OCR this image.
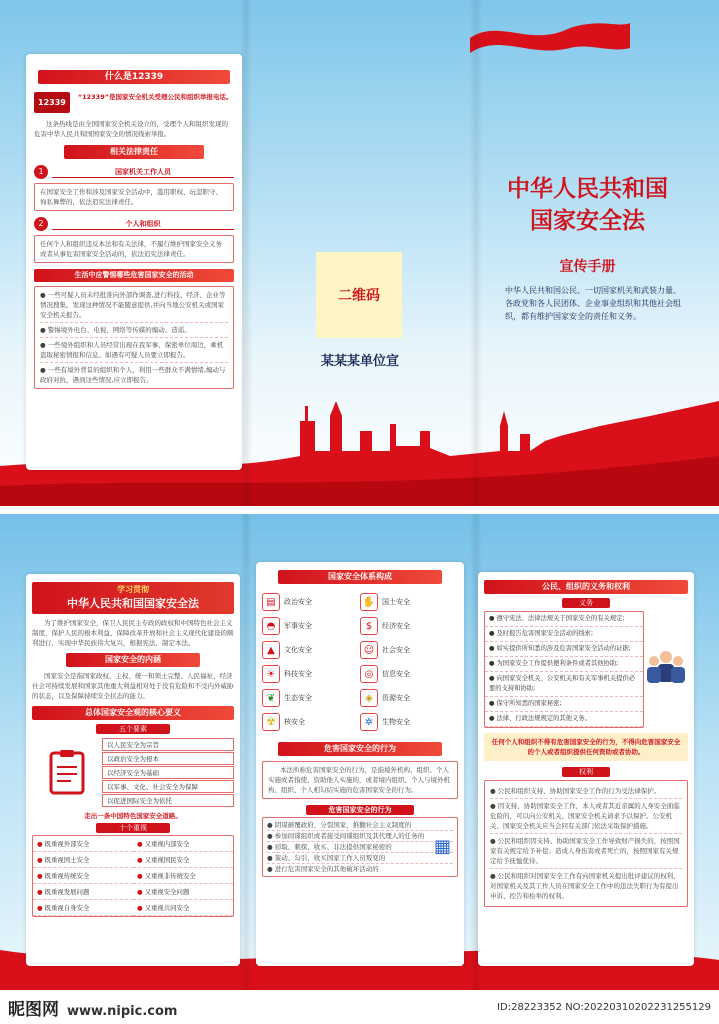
什么是12339
12339
“12339”是国家安全机关受理公民和组织举报电话。
这条热线是由全国国家安全机关设立的，受理个人和组织发现的危害中华人民共和国国家安全的情况线索举报。
相关法律责任
1	国家机关工作人员
在国家安全工作和涉及国家安全活动中，滥用职权、玩忽职守、徇私舞弊的，依法追究法律责任。
2	个人和组织
任何个人和组织违反本法和有关法律，不履行维护国家安全义务或者从事危害国家安全活动的，依法追究法律责任。
生活中应警惕哪些危害国家安全的活动
● 一些可疑人员未经批准向外部作调查,进行科技、经济、企业等情况搜集。发现这种情况不能随意提供,并向当地公安机关或国家安全机关报告。
● 警惕境外电台、电视、网络等传媒的煽动、造谣。
● 一些境外组织和人员经常出现在我军事、保密单位周边，乘机盗取秘密情报和信息。如遇有可疑人员要立即报告。
● 一些有境外背景的组织和个人，利用一些群众不满情绪,煽动与政府对抗，遇到这些情况,应立即报告。
二维码
某某某单位宣
中华人民共和国
国家安全法
宣传手册
中华人民共和国公民、一切国家机关和武装力量、各政党和各人民团体、企业事业组织和其他社会组织，都有维护国家安全的责任和义务。
学习贯彻
中华人民共和国国家安全法
为了维护国家安全，保卫人民民主专政的政权和中国特色社会主义制度，保护人民的根本利益，保障改革开放和社会主义现代化建设的顺利进行，实现中华民族伟大复兴，根据宪法，制定本法。
国家安全的内涵
国家安全是指国家政权、主权、统一和领土完整、人民福祉、经济社会可持续发展和国家其他重大利益相对处于没有危险和不受内外威胁的状态，以及保障持续安全状态的能力。
总体国家安全观的核心要义
五个要素
以人民安全为宗旨
以政治安全为根本
以经济安全为基础
以军事、文化、社会安全为保障
以促进国际安全为依托
走出一条中国特色国家安全道路。
十个重视
● 既重视外部安全	● 又重视内部安全
● 既重视国土安全	● 又重视国民安全
● 既重视传统安全	● 又重视非传统安全
● 既重视发展问题	● 又重视安全问题
● 既重视自身安全	● 又重视共同安全
国家安全体系构成
▤	政治安全	✋ 国土安全
◓	军事安全	$	经济安全
▲	文化安全	☺	社会安全
☀	科技安全	◎	信息安全
❦	生态安全	◈	资源安全
☢	核安全	✲	生物安全
危害国家安全的行为
本法所称危害国家安全的行为，是指境外机构、组织、个人实施或者指使、资助他人实施的，或者境内组织、个人与境外机构、组织、个人相勾结实施的危害国家安全的行为。
危害国家安全的行为
● 阴谋颠覆政府，分裂国家，推翻社会主义制度的
● 参加间谍组织或者接受间谍组织及其代理人的任务的
● 窃取、刺探、收买、非法提供国家秘密的
● 策动、勾引、收买国家工作人员叛变的
● 进行危害国家安全的其他破坏活动的
▦
公民、组织的义务和权利
义务
● 遵守宪法、法律法规关于国家安全的有关规定;
● 及时报告危害国家安全活动的线索;
● 如实提供所知悉的涉及危害国家安全活动的证据;
● 为国家安全工作提供便利条件或者其他协助;
● 向国家安全机关、公安机关和有关军事机关提供必要的支持和协助;
● 保守所知悉的国家秘密;
● 法律、行政法规规定的其他义务。
任何个人和组织不得有危害国家安全的行为，不得向危害国家安全的个人或者组织提供任何资助或者协助。
权利
● 公民和组织支持、协助国家安全工作的行为受法律保护。
● 因支持、协助国家安全工作，本人或者其近亲属的人身安全面临危险的，可以向公安机关、国家安全机关请求予以保护。公安机关、国家安全机关应当会同有关部门依法采取保护措施。
● 公民和组织因支持、协助国家安全工作导致财产损失的，按照国家有关规定给予补偿；造成人身伤害或者死亡的，按照国家有关规定给予抚恤优待。
● 公民和组织对国家安全工作有向国家机关提出批评建议的权利，对国家机关及其工作人员在国家安全工作中的违法失职行为有提出申诉、控告和检举的权利。
昵图网 www.nipic.com	ID:28223352 NO:20220310202231255129
